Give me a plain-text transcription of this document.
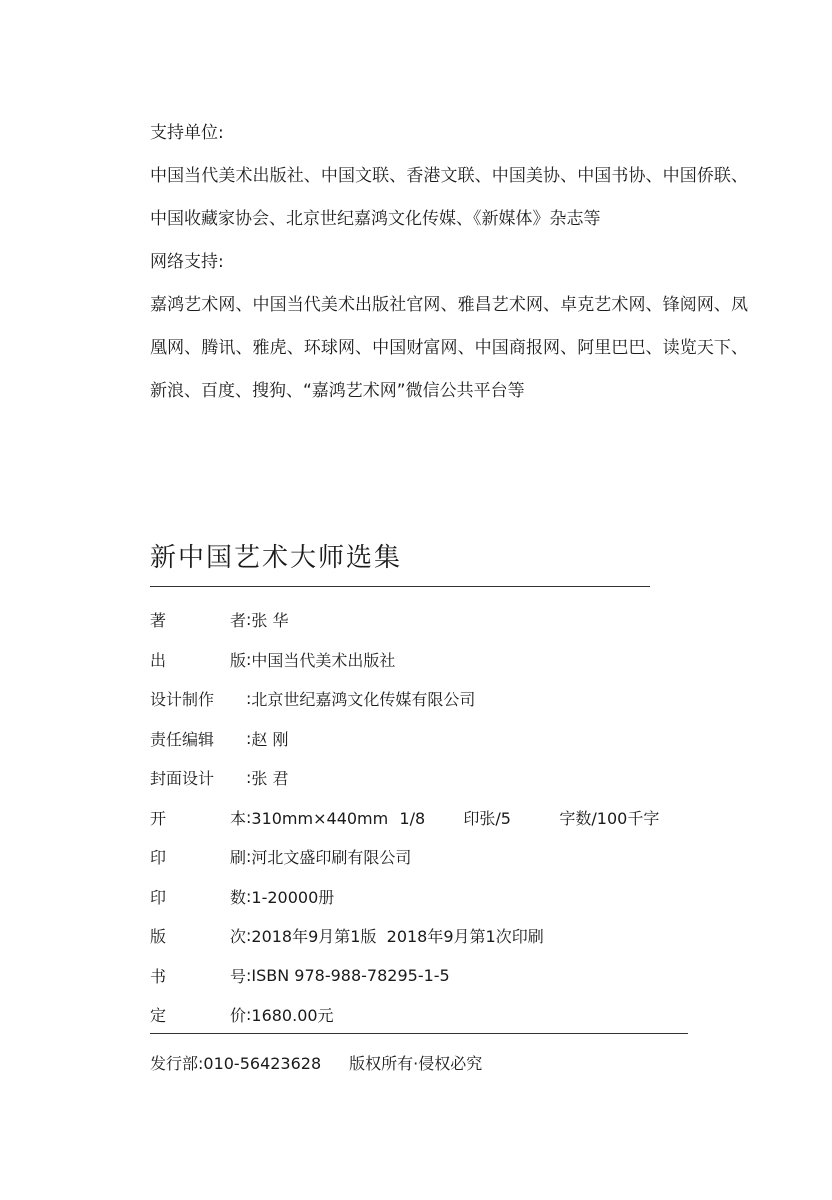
支持单位:

中国当代美术出版社、中国文联、香港文联、中国美协、中国书协、中国侨联、中国收藏家协会、北京世纪嘉鸿文化传媒、《新媒体》杂志等

网络支持:

嘉鸿艺术网、中国当代美术出版社官网、雅昌艺术网、卓克艺术网、锋阅网、凤凰网、腾讯、雅虎、环球网、中国财富网、中国商报网、阿里巴巴、读览天下、新浪、百度、搜狗、“嘉鸿艺术网”微信公共平台等

新中国艺术大师选集
著	者 : 张 华
出	版 : 中国当代美术出版社
设计制作	: 北京世纪嘉鸿文化传媒有限公司
责任编辑	: 赵 刚
封面设计	: 张 君
开	本 : 310mm×440mm 1/8 印张/5	字数/100千字
印	刷 : 河北文盛印刷有限公司
印	数 : 1-20000册
版	次 : 2018年9月第1版  2018年9月第1次印刷
书	号 : ISBN 978-988-78295-1-5
定	价 : 1680.00元
发行部:010-56423628 版权所有·侵权必究
